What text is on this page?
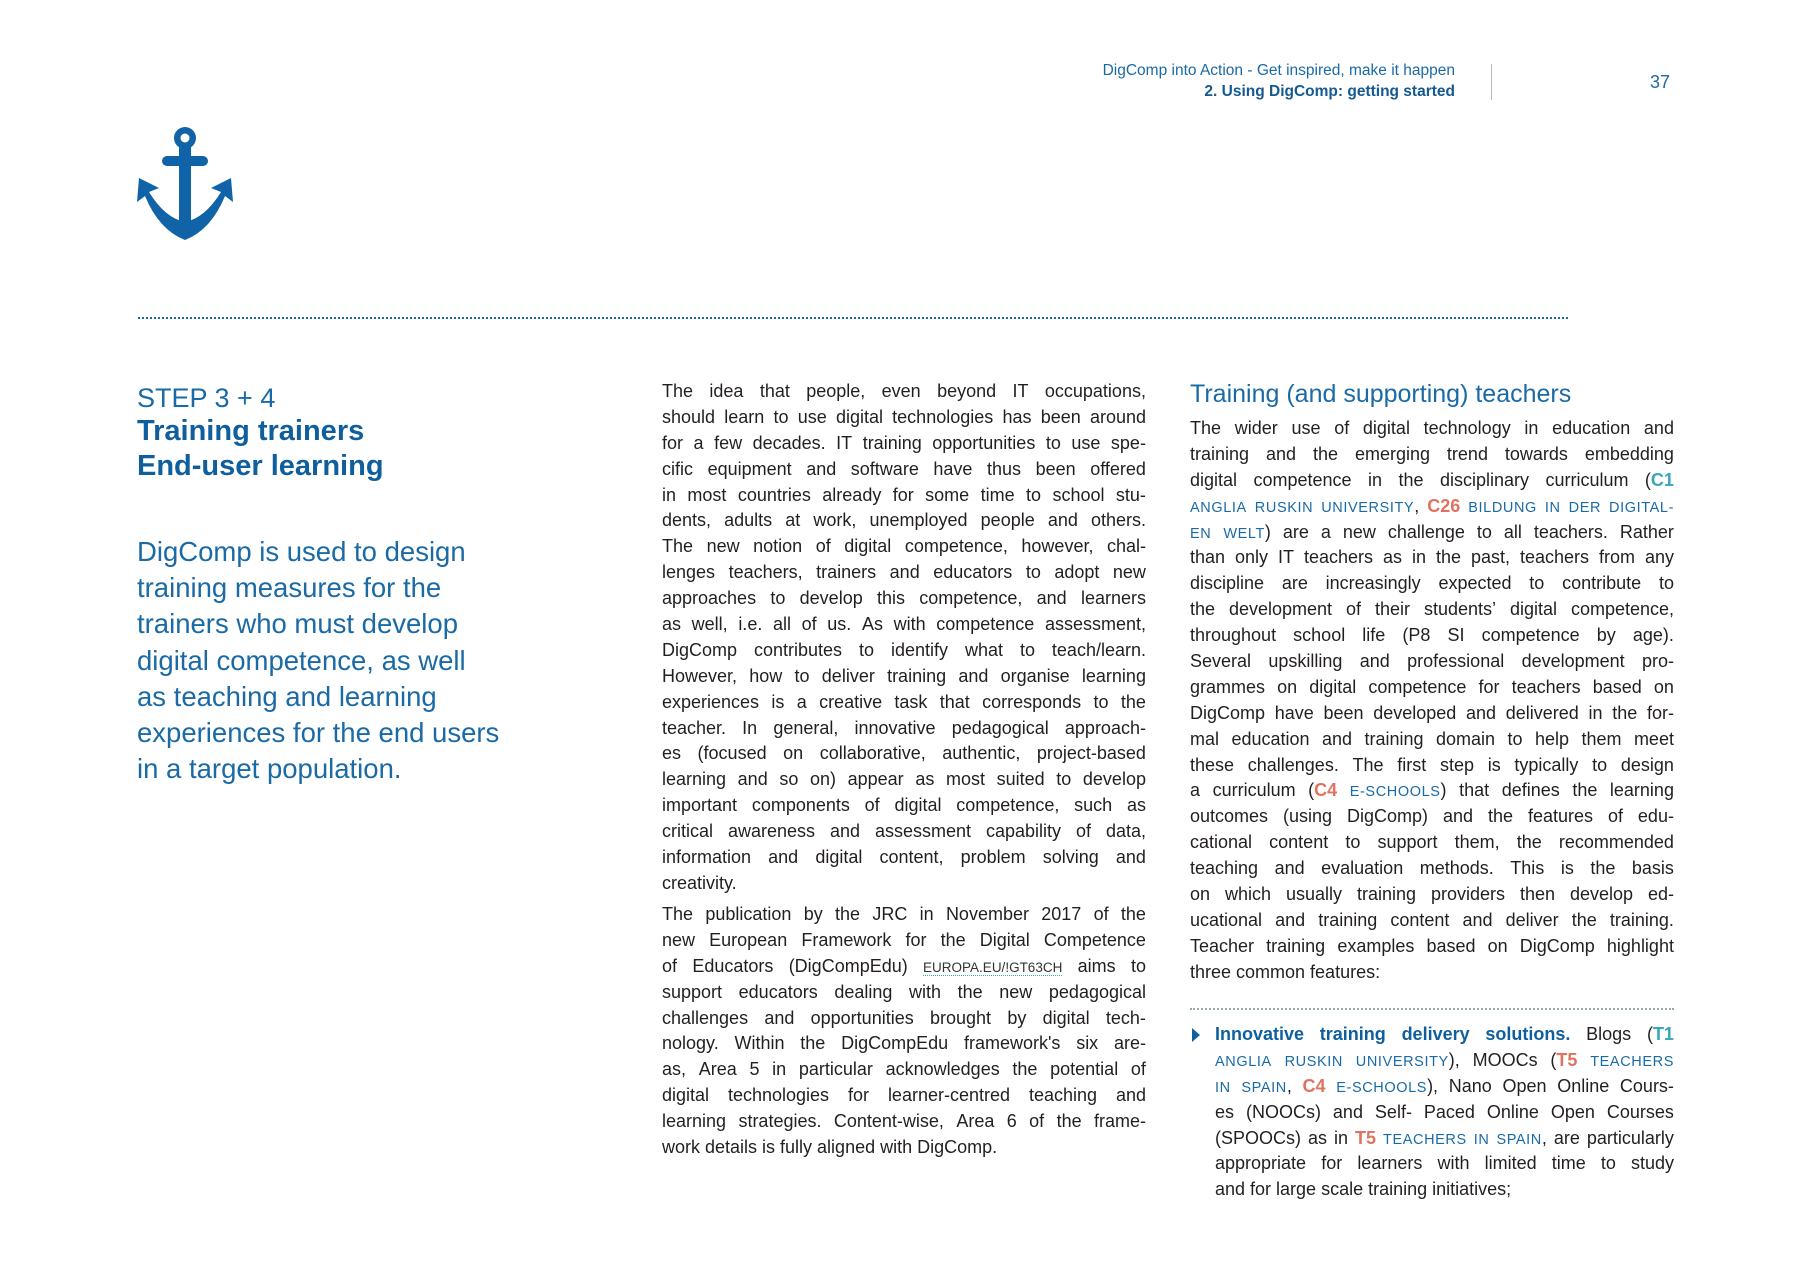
DigComp into Action - Get inspired, make it happen
2. Using DigComp: getting started	37
STEP 3 + 4
Training trainers
End-user learning
DigComp is used to design
training measures for the
trainers who must develop
digital competence, as well
as teaching and learning
experiences for the end users
in a target population.
The idea that people, even beyond IT occupations,
should learn to use digital technologies has been around
for a few decades. IT training opportunities to use spe-
cific equipment and software have thus been offered
in most countries already for some time to school stu-
dents, adults at work, unemployed people and others.
The new notion of digital competence, however, chal-
lenges teachers, trainers and educators to adopt new
approaches to develop this competence, and learners
as well, i.e. all of us. As with competence assessment,
DigComp contributes to identify what to teach/learn.
However, how to deliver training and organise learning
experiences is a creative task that corresponds to the
teacher. In general, innovative pedagogical approach-
es (focused on collaborative, authentic, project-based
learning and so on) appear as most suited to develop
important components of digital competence, such as
critical awareness and assessment capability of data,
information and digital content, problem solving and
creativity.
The publication by the JRC in November 2017 of the
new European Framework for the Digital Competence
of Educators (DigCompEdu) EUROPA.EU/!GT63CH aims to
support educators dealing with the new pedagogical
challenges and opportunities brought by digital tech-
nology. Within the DigCompEdu framework's six are-
as, Area 5 in particular acknowledges the potential of
digital technologies for learner-centred teaching and
learning strategies. Content-wise, Area 6 of the frame-
work details is fully aligned with DigComp.
Training (and supporting) teachers
The wider use of digital technology in education and
training and the emerging trend towards embedding
digital competence in the disciplinary curriculum (C1
ANGLIA RUSKIN UNIVERSITY, C26 BILDUNG IN DER DIGITAL-
EN WELT) are a new challenge to all teachers. Rather
than only IT teachers as in the past, teachers from any
discipline are increasingly expected to contribute to
the development of their students’ digital competence,
throughout school life (P8 SI competence by age).
Several upskilling and professional development pro-
grammes on digital competence for teachers based on
DigComp have been developed and delivered in the for-
mal education and training domain to help them meet
these challenges. The first step is typically to design
a curriculum (C4 E-SCHOOLS) that defines the learning
outcomes (using DigComp) and the features of edu-
cational content to support them, the recommended
teaching and evaluation methods. This is the basis
on which usually training providers then develop ed-
ucational and training content and deliver the training.
Teacher training examples based on DigComp highlight
three common features:
Innovative training delivery solutions. Blogs (T1
ANGLIA RUSKIN UNIVERSITY), MOOCs (T5 TEACHERS
IN SPAIN, C4 E-SCHOOLS), Nano Open Online Cours-
es (NOOCs) and Self- Paced Online Open Courses
(SPOOCs) as in T5 TEACHERS IN SPAIN, are particularly
appropriate for learners with limited time to study
and for large scale training initiatives;
